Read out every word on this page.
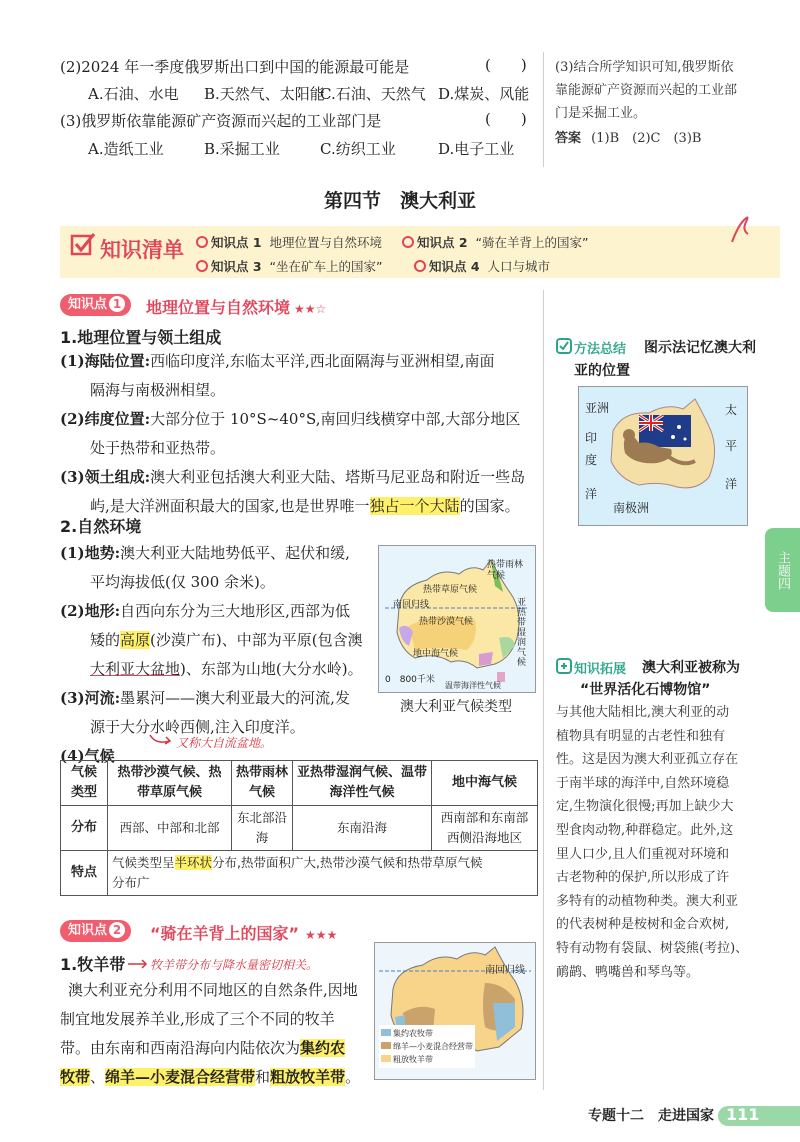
(2)2024 年一季度俄罗斯出口到中国的能源最可能是	(　　)
A.石油、水电 B.天然气、太阳能
C.石油、天然气 D.煤炭、风能
(3)俄罗斯依靠能源矿产资源而兴起的工业部门是	(　　)
A.造纸工业	B.采掘工业	C.纺织工业	D.电子工业
(3)结合所学知识可知,俄罗斯依
靠能源矿产资源而兴起的工业部
门是采掘工业。
答案 (1)B　(2)C　(3)B
第四节　澳大利亚
知识清单	知识点 1 地理位置与自然环境	知识点 2 “骑在羊背上的国家”
知识点 3 “坐在矿车上的国家”	知识点 4 人口与城市
知识点 1	地理位置与自然环境 ★★☆
1.地理位置与领土组成
(1)海陆位置:西临印度洋,东临太平洋,西北面隔海与亚洲相望,南面
隔海与南极洲相望。
(2)纬度位置:大部分位于 10°S~40°S,南回归线横穿中部,大部分地区
处于热带和亚热带。
(3)领土组成:澳大利亚包括澳大利亚大陆、塔斯马尼亚岛和附近一些岛
屿,是大洋洲面积最大的国家,也是世界唯一独占一个大陆的国家。
2.自然环境
(1)地势:澳大利亚大陆地势低平、起伏和缓,
平均海拔低(仅 300 余米)。
(2)地形:自西向东分为三大地形区,西部为低
矮的高原(沙漠广布)、中部为平原(包含澳
大利亚大盆地)、东部为山地(大分水岭)。
(3)河流:墨累河——澳大利亚最大的河流,发
源于大分水岭西侧,注入印度洋。
(4)气候
又称大自流盆地。
热带草原气候
热带雨林气候
南回归线
热带沙漠气候
亚热带湿润气候
地中海气候
0　800千米
温带海洋性气候
澳大利亚气候类型
气候类型	热带沙漠气候、热带草原气候	热带雨林气候	亚热带湿润气候、温带海洋性气候	地中海气候
分布	西部、中部和北部	东北部沿海	东南沿海	西南部和东南部西侧沿海地区
特点	气候类型呈半环状分布,热带面积广大,热带沙漠气候和热带草原气候
分布广			
知识点 2	“骑在羊背上的国家” ★★★
1.牧羊带 牧羊带分布与降水量密切相关。
澳大利亚充分利用不同地区的自然条件,因地
制宜地发展养羊业,形成了三个不同的牧羊
带。由东南和西南沿海向内陆依次为集约农
牧带、绵羊—小麦混合经营带和粗放牧羊带。
南回归线
集约农牧带
绵羊—小麦混合经营带
粗放牧羊带
方法总结 图示法记忆澳大利
亚的位置
亚洲
印
度
洋
太
平
洋
南极洲
知识拓展 澳大利亚被称为
“世界活化石博物馆”
与其他大陆相比,澳大利亚的动
植物具有明显的古老性和独有
性。这是因为澳大利亚孤立存在
于南半球的海洋中,自然环境稳
定,生物演化很慢;再加上缺少大
型食肉动物,种群稳定。此外,这
里人口少,且人们重视对环境和
古老物种的保护,所以形成了许
多特有的动植物种类。澳大利亚
的代表树种是桉树和金合欢树,
特有动物有袋鼠、树袋熊(考拉)、
鸸鹋、鸭嘴兽和琴鸟等。
主题四
专题十二　走进国家 111
